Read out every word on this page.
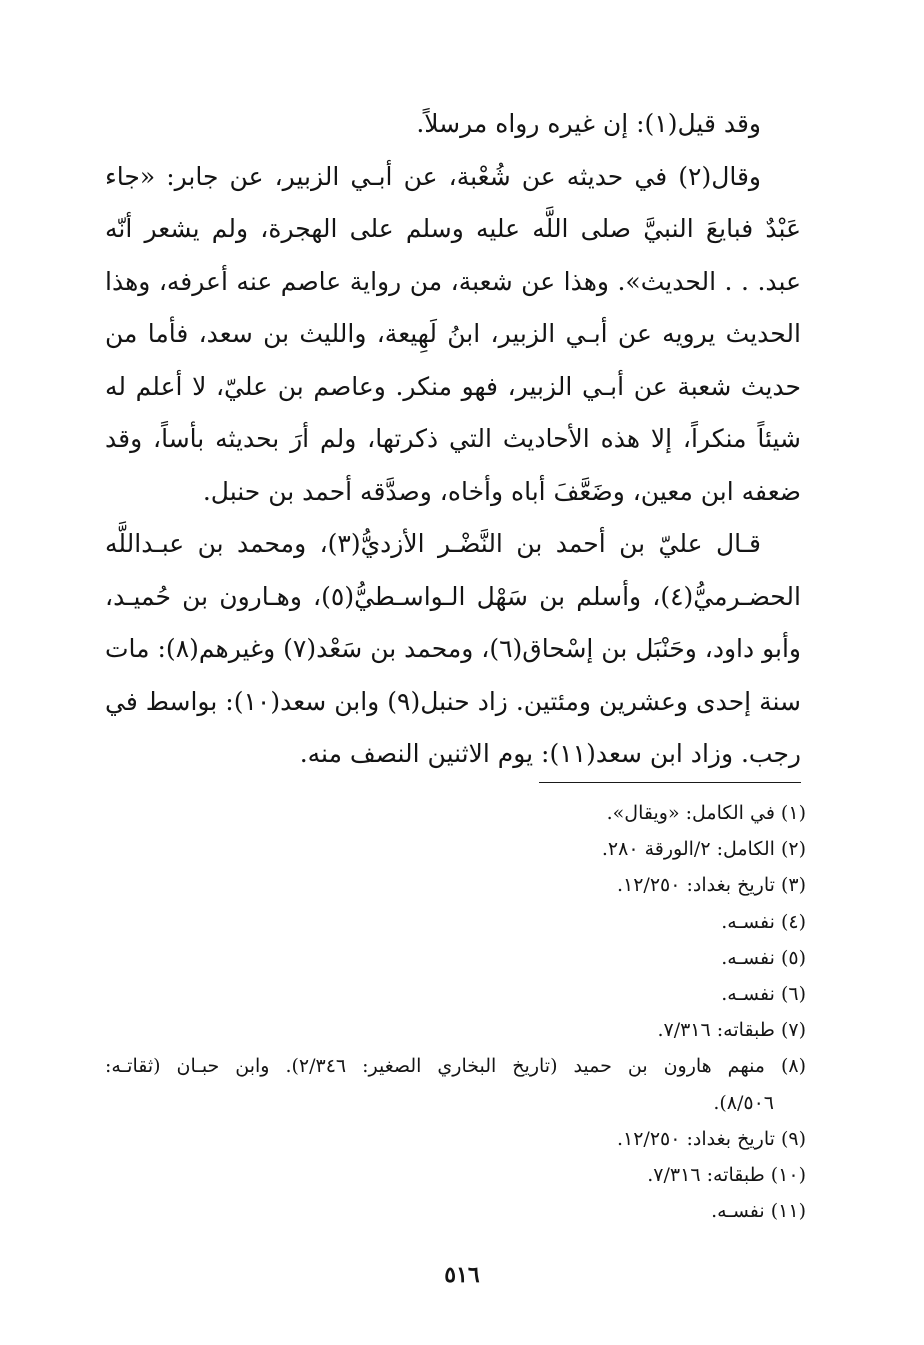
وقد قيل(١): إن غيره رواه مرسلاً.
وقال(٢) في حديثه عن شُعْبة، عن أبـي الزبير، عن جابر: «جاء
عَبْدٌ فبايعَ النبيَّ صلى اللَّه عليه وسلم على الهجرة، ولم يشعر أنّه
عبد. . . الحديث». وهذا عن شعبة، من رواية عاصم عنه أعرفه، وهذا
الحديث يرويه عن أبـي الزبير، ابنُ لَهِيعة، والليث بن سعد، فأما من
حديث شعبة عن أبـي الزبير، فهو منكر. وعاصم بن عليّ، لا أعلم له
شيئاً منكراً، إلا هذه الأحاديث التي ذكرتها، ولم أرَ بحديثه بأساً، وقد
ضعفه ابن معين، وضَعَّفَ أباه وأخاه، وصدَّقه أحمد بن حنبل.
قـال عليّ بن أحمد بن النَّضْـر الأزديُّ(٣)، ومحمد بن عبـداللَّه
الحضـرميُّ(٤)، وأسلم بن سَهْل الـواسـطيُّ(٥)، وهـارون بن حُميـد،
وأبو داود، وحَنْبَل بن إسْحاق(٦)، ومحمد بن سَعْد(٧) وغيرهم(٨): مات
سنة إحدى وعشرين ومئتين. زاد حنبل(٩) وابن سعد(١٠): بواسط في
رجب. وزاد ابن سعد(١١): يوم الاثنين النصف منه.
(١) في الكامل: «ويقال».
(٢) الكامل: ٢/الورقة ٢٨٠.
(٣) تاريخ بغداد: ١٢/٢٥٠.
(٤) نفسـه.
(٥) نفسـه.
(٦) نفسـه.
(٧) طبقاته: ٧/٣١٦.
(٨) منهم هارون بن حميد (تاريخ البخاري الصغير: ٢/٣٤٦). وابن حبـان (ثقاتـه:
٨/٥٠٦).
(٩) تاريخ بغداد: ١٢/٢٥٠.
(١٠) طبقاته: ٧/٣١٦.
(١١) نفسـه.
٥١٦
